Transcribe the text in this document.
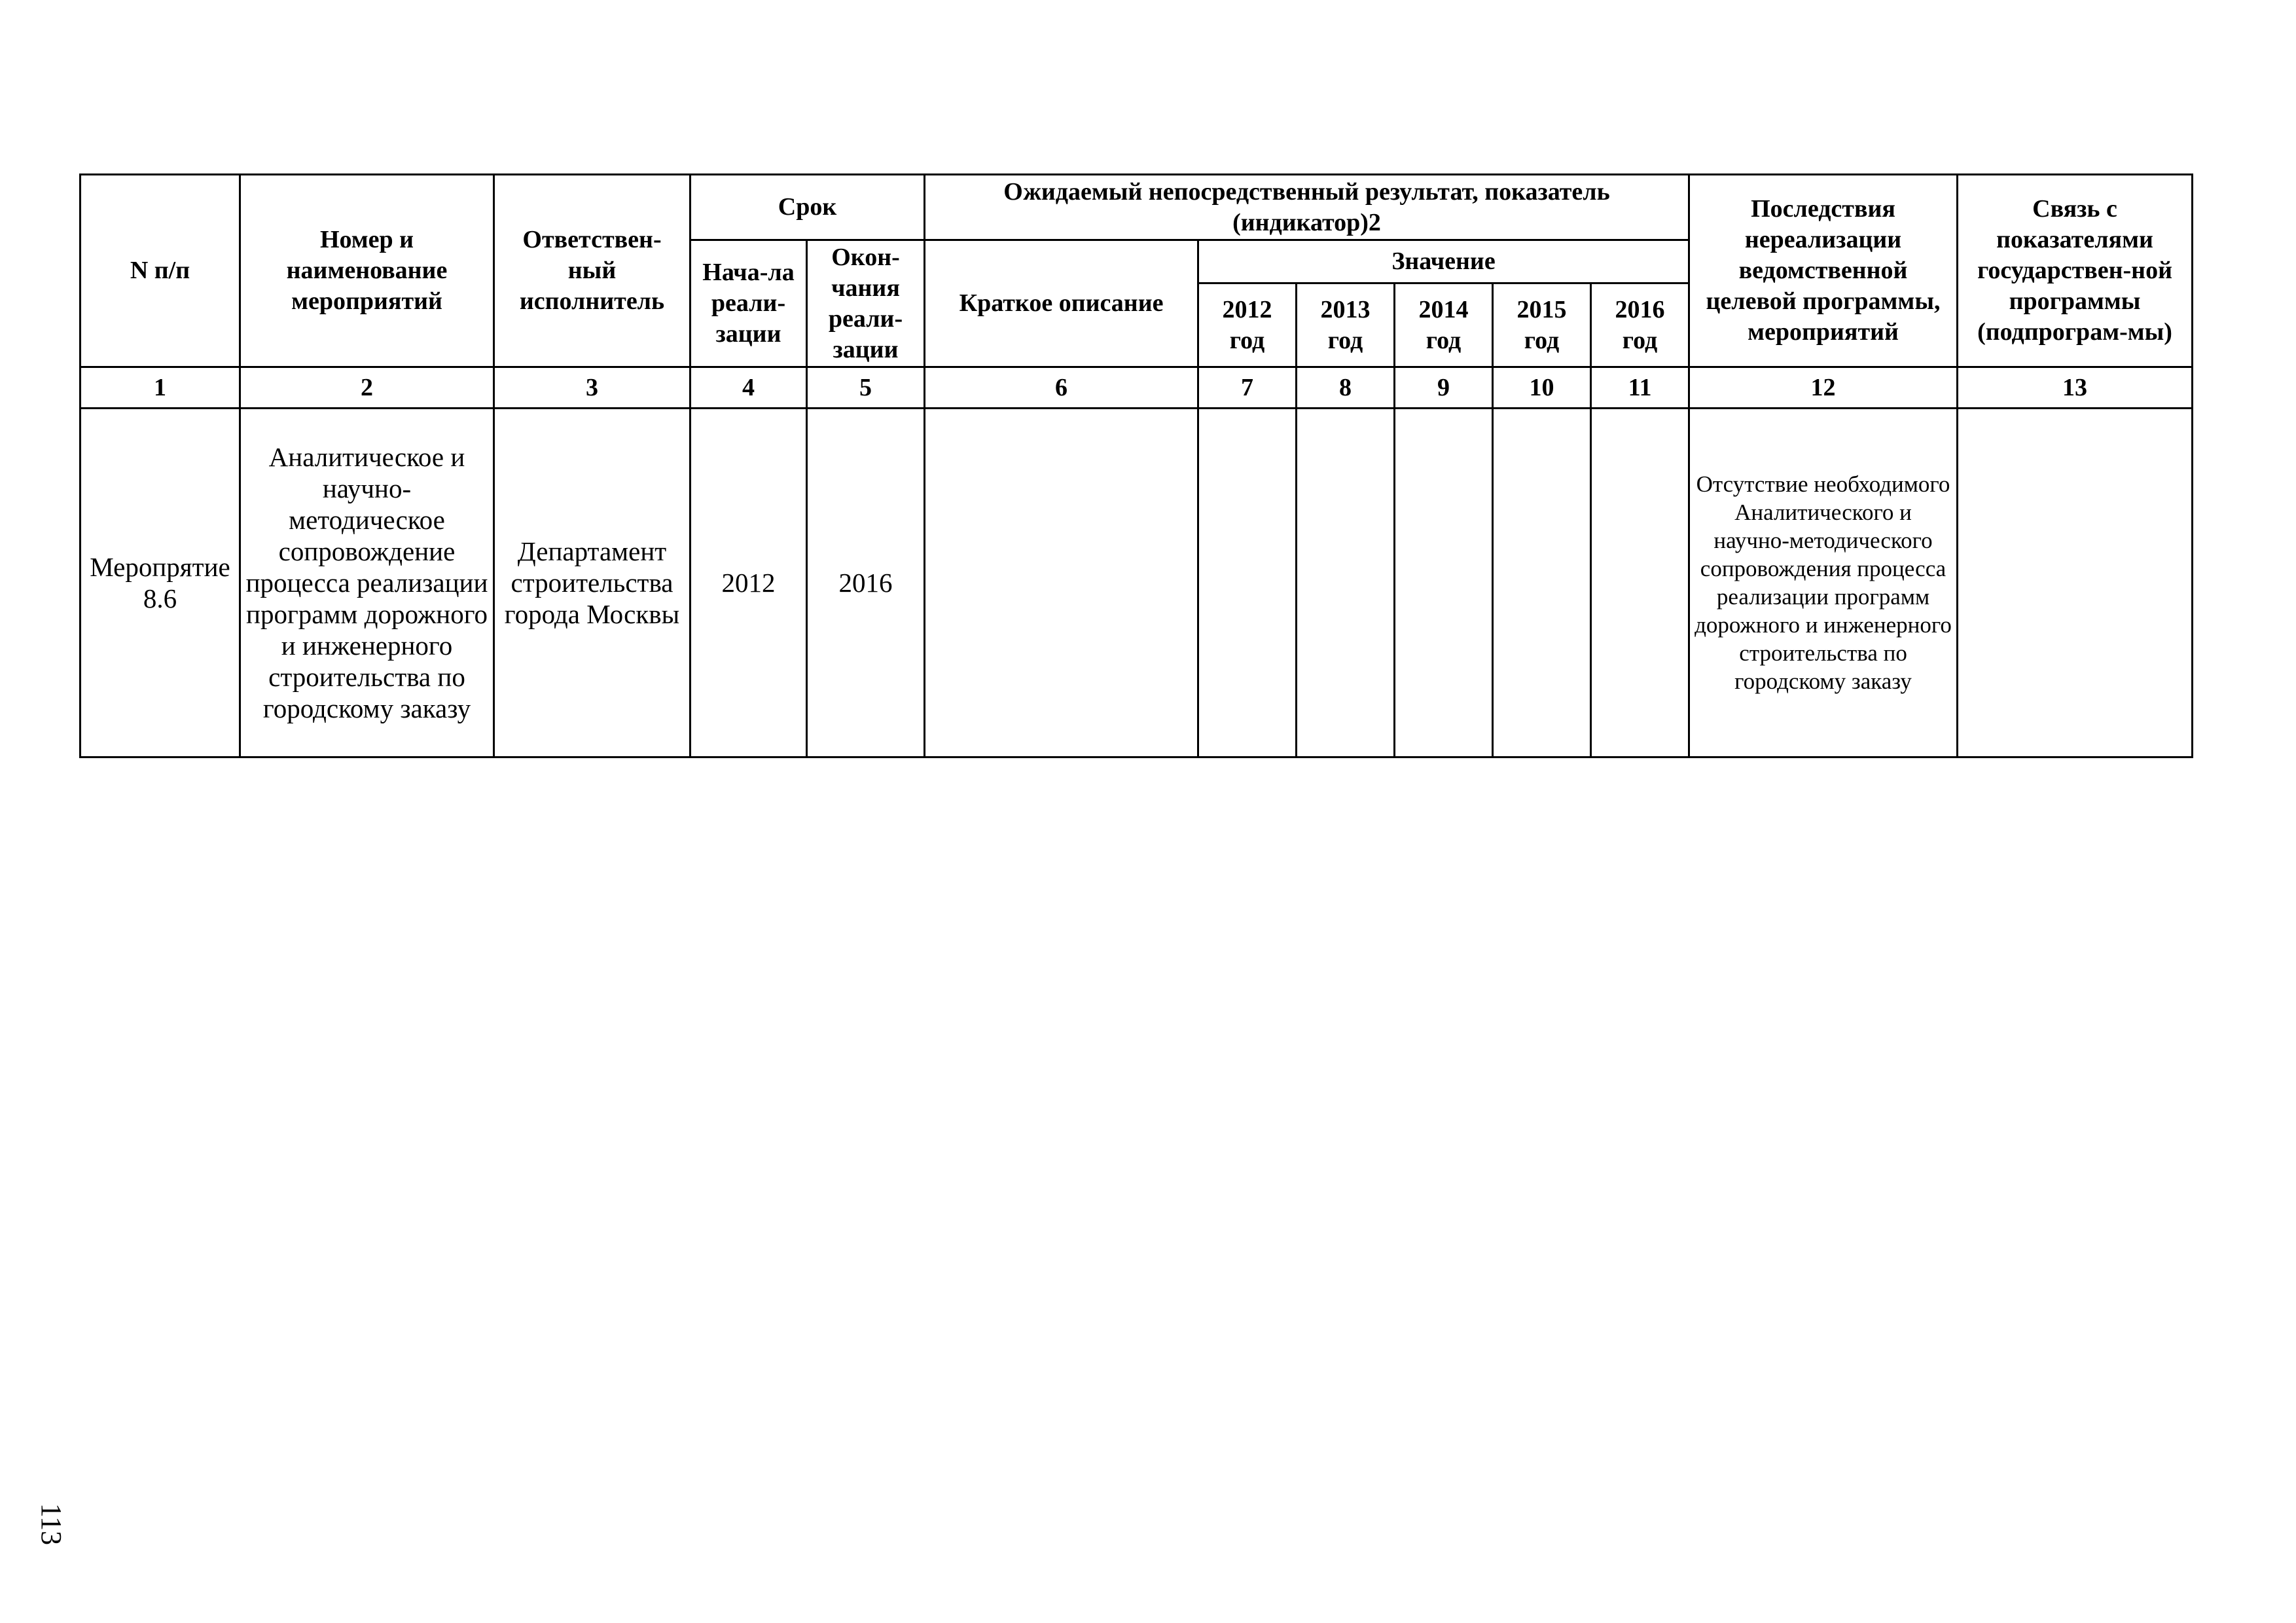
N п/п	Номер и наименование мероприятий	Ответствен-ный исполнитель	Срок		Ожидаемый непосредственный результат, показатель (индикатор)2						Последствия нереализации ведомственной целевой программы, мероприятий	Связь с показателями государствен-ной программы (подпрограм-мы)
			Нача-ла реали-зации	Окон-чания реали-зации	Краткое описание	Значение						
						2012 год	2013 год	2014 год	2015 год	2016 год		
1	2	3	4	5	6	7	8	9	10	11	12	13
Меропрятие 8.6	Аналитическое и научно-методическое сопровождение процесса реализации программ дорожного и инженерного строительства по городскому заказу	Департамент строительства города Москвы	2012	2016							Отсутствие необходимого Аналитического и научно-методического сопровождения процесса реализации программ дорожного и инженерного строительства по городскому заказу	
113
